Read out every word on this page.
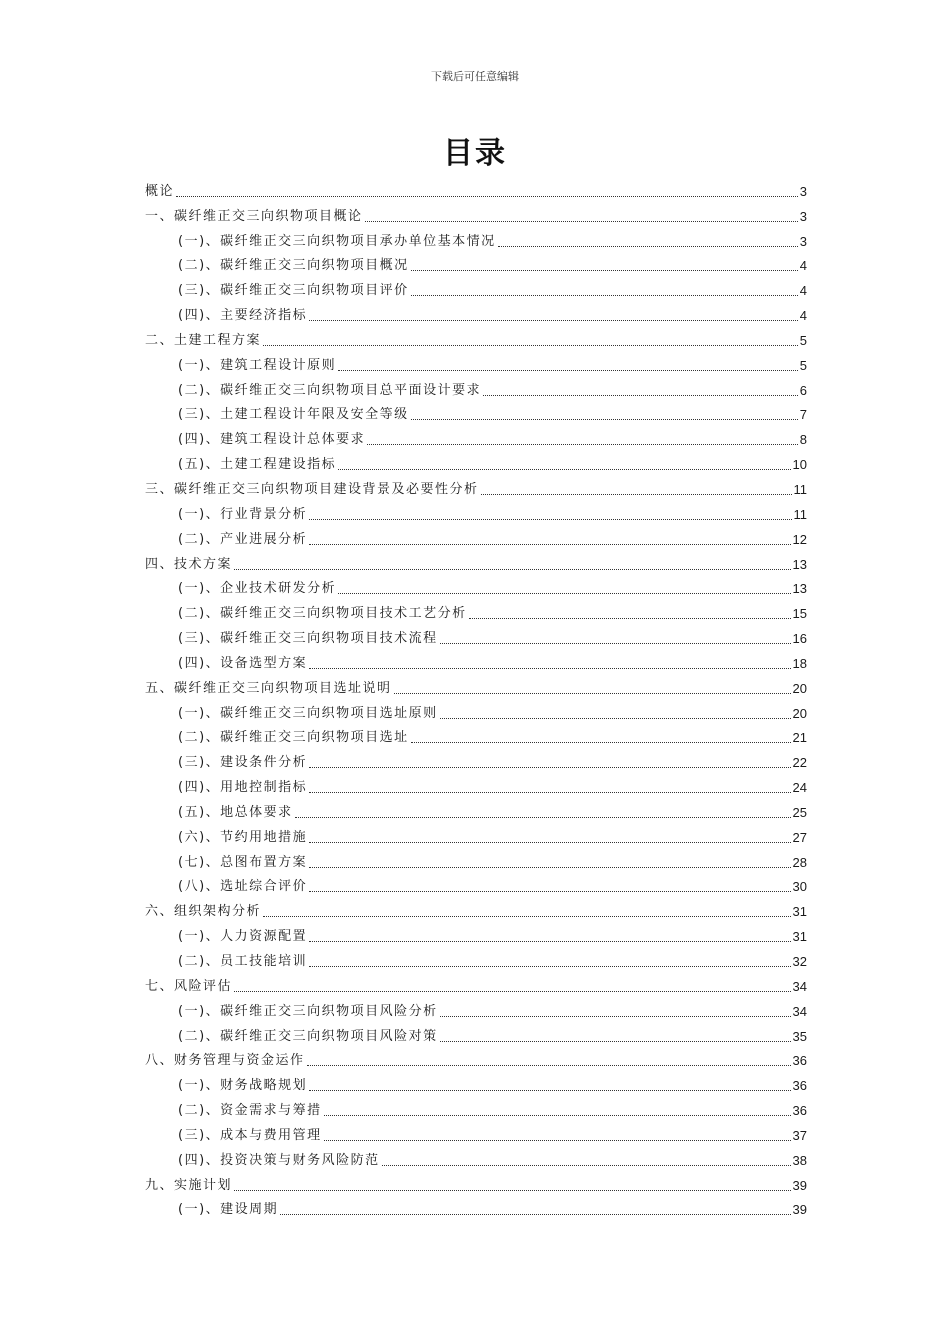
下载后可任意编辑
目录
概论	3
一、碳纤维正交三向织物项目概论	3
(一)、碳纤维正交三向织物项目承办单位基本情况	3
(二)、碳纤维正交三向织物项目概况	4
(三)、碳纤维正交三向织物项目评价	4
(四)、主要经济指标	4
二、土建工程方案	5
(一)、建筑工程设计原则	5
(二)、碳纤维正交三向织物项目总平面设计要求	6
(三)、土建工程设计年限及安全等级	7
(四)、建筑工程设计总体要求	8
(五)、土建工程建设指标	10
三、碳纤维正交三向织物项目建设背景及必要性分析	11
(一)、行业背景分析	11
(二)、产业进展分析	12
四、技术方案	13
(一)、企业技术研发分析	13
(二)、碳纤维正交三向织物项目技术工艺分析	15
(三)、碳纤维正交三向织物项目技术流程	16
(四)、设备选型方案	18
五、碳纤维正交三向织物项目选址说明	20
(一)、碳纤维正交三向织物项目选址原则	20
(二)、碳纤维正交三向织物项目选址	21
(三)、建设条件分析	22
(四)、用地控制指标	24
(五)、地总体要求	25
(六)、节约用地措施	27
(七)、总图布置方案	28
(八)、选址综合评价	30
六、组织架构分析	31
(一)、人力资源配置	31
(二)、员工技能培训	32
七、风险评估	34
(一)、碳纤维正交三向织物项目风险分析	34
(二)、碳纤维正交三向织物项目风险对策	35
八、财务管理与资金运作	36
(一)、财务战略规划	36
(二)、资金需求与筹措	36
(三)、成本与费用管理	37
(四)、投资决策与财务风险防范	38
九、实施计划	39
(一)、建设周期	39
